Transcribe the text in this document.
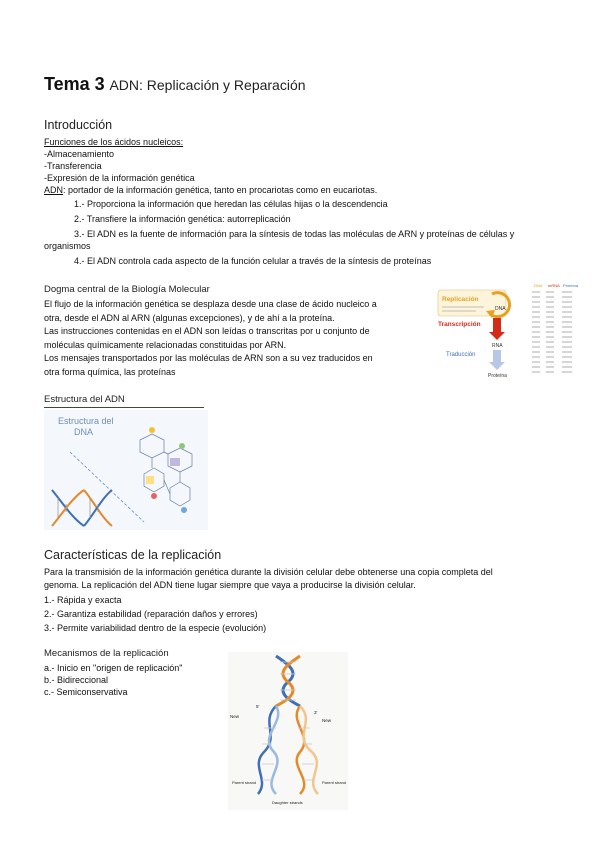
Tema 3 ADN: Replicación y Reparación
Introducción
Funciones de los ácidos nucleicos:
-Almacenamiento
-Transferencia
-Expresión de la información genética
ADN: portador de la información genética, tanto en procariotas como en eucariotas.
1.- Proporciona la información que heredan las células hijas o la descendencia
2.- Transfiere la información genética: autorreplicación
3.- El ADN es la fuente de información para la síntesis de todas las moléculas de ARN y proteínas de células y
organismos
4.- El ADN controla cada aspecto de la función celular a través de la síntesis de proteínas
Dogma central de la Biología Molecular
El flujo de la información genética se desplaza desde una clase de ácido nucleico a
otra, desde el ADN al ARN (algunas excepciones), y de ahí a la proteína.
Las instrucciones contenidas en el ADN son leídas o transcritas por u conjunto de
moléculas químicamente relacionadas constituidas por ARN.
Los mensajes transportados por las moléculas de ARN son a su vez traducidos en
otra forma química, las proteínas
Replicación
DNA
Transcripción
RNA
Traducción
Proteína
DNA mRNA Proteína
Estructura del ADN
Estructura del
DNA
Características de la replicación
Para la transmisión de la información genética durante la división celular debe obtenerse una copia completa del
genoma. La replicación del ADN tiene lugar siempre que vaya a producirse la división celular.
1.- Rápida y exacta
2.- Garantiza estabilidad (reparación daños y errores)
3.- Permite variabilidad dentro de la especie (evolución)
Mecanismos de la replicación
a.- Inicio en "origen de replicación"
b.- Bidireccional
c.- Semiconservativa
5'
3'
New
New
Parent strand	Parent strand
Daughter strands
